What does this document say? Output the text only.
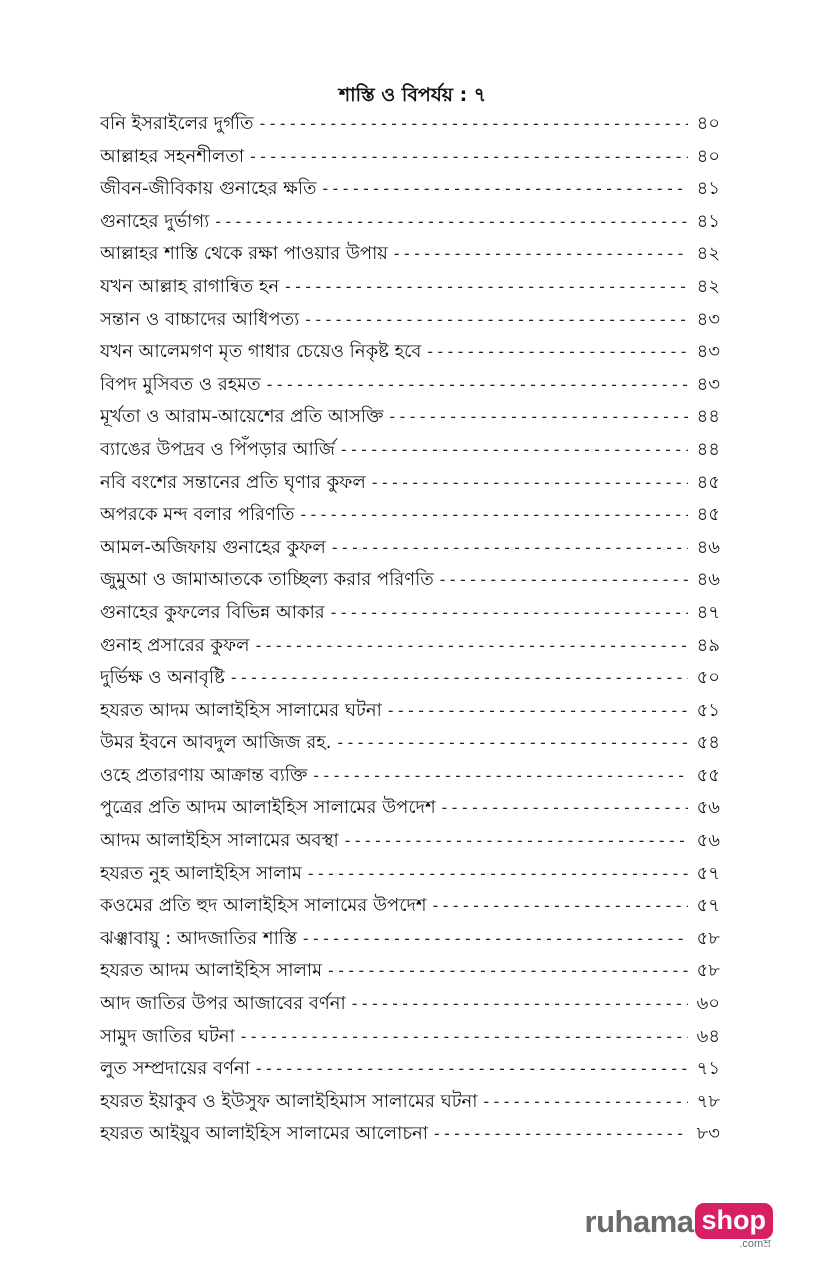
শাস্তি ও বিপর্যয় : ৭
বনি ইসরাইলের দুর্গতি -----	৪০
আল্লাহর সহনশীলতা -----	৪০
জীবন-জীবিকায় গুনাহের ক্ষতি -----	৪১
গুনাহের দুর্ভাগ্য -----	৪১
আল্লাহর শাস্তি থেকে রক্ষা পাওয়ার উপায় -----	৪২
যখন আল্লাহ রাগান্বিত হন -----	৪২
সন্তান ও বাচ্চাদের আধিপত্য -----	৪৩
যখন আলেমগণ মৃত গাধার চেয়েও নিকৃষ্ট হবে -----	৪৩
বিপদ মুসিবত ও রহমত -----	৪৩
মূর্খতা ও আরাম-আয়েশের প্রতি আসক্তি -----	৪৪
ব্যাঙের উপদ্রব ও পিঁপড়ার আর্জি -----	৪৪
নবি বংশের সন্তানের প্রতি ঘৃণার কুফল -----	৪৫
অপরকে মন্দ বলার পরিণতি -----	৪৫
আমল-অজিফায় গুনাহের কুফল -----	৪৬
জুমুআ ও জামাআতকে তাচ্ছিল্য করার পরিণতি -----	৪৬
গুনাহের কুফলের বিভিন্ন আকার -----	৪৭
গুনাহ প্রসারের কুফল -----	৪৯
দুর্ভিক্ষ ও অনাবৃষ্টি -----	৫০
হযরত আদম আলাইহিস সালামের ঘটনা -----	৫১
উমর ইবনে আবদুল আজিজ রহ. -----	৫৪
ওহে প্রতারণায় আক্রান্ত ব্যক্তি -----	৫৫
পুত্রের প্রতি আদম আলাইহিস সালামের উপদেশ -----	৫৬
আদম আলাইহিস সালামের অবস্থা -----	৫৬
হযরত নুহ আলাইহিস সালাম -----	৫৭
কওমের প্রতি হুদ আলাইহিস সালামের উপদেশ -----	৫৭
ঝঞ্ঝাবায়ু : আদজাতির শাস্তি -----	৫৮
হযরত আদম আলাইহিস সালাম -----	৫৮
আদ জাতির উপর আজাবের বর্ণনা -----	৬০
সামুদ জাতির ঘটনা -----	৬৪
লুত সম্প্রদায়ের বর্ণনা -----	৭১
হযরত ইয়াকুব ও ইউসুফ আলাইহিমাস সালামের ঘটনা -----	৭৮
হযরত আইয়ুব আলাইহিস সালামের আলোচনা -----	৮৩
ruhama shop
.comম্র
